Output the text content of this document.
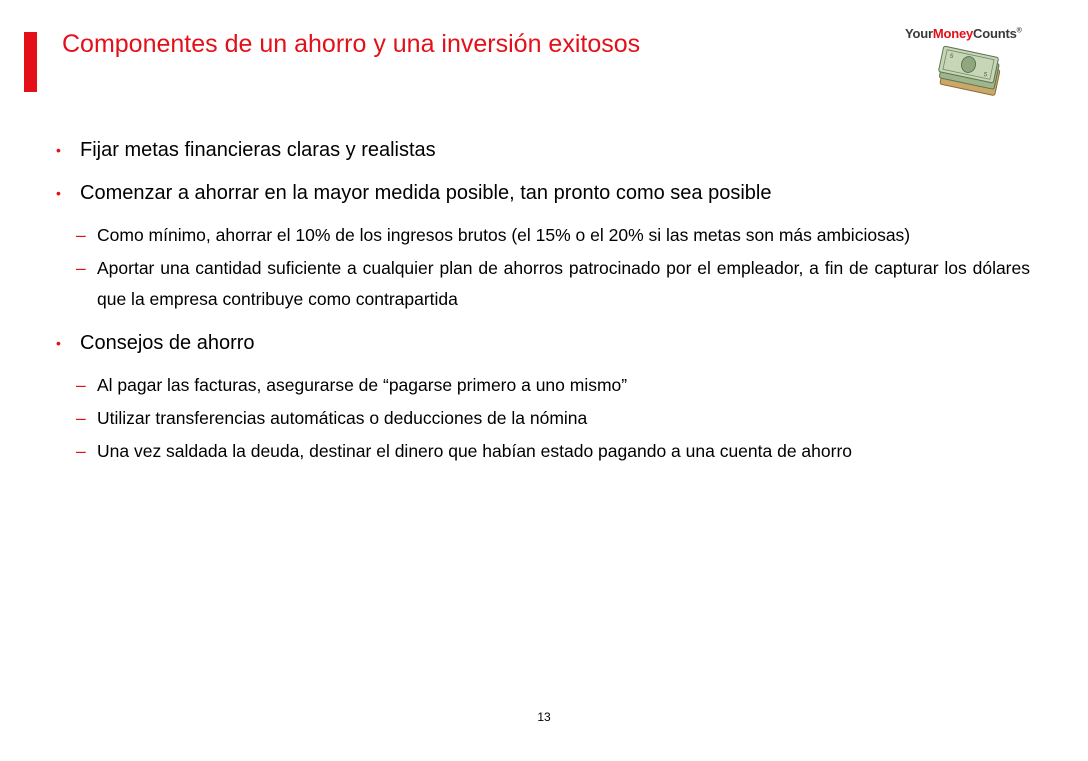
Componentes de un ahorro y una inversión exitosos	YourMoneyCounts®
5
5
• Fijar metas financieras claras y realistas
• Comenzar a ahorrar en la mayor medida posible, tan pronto como sea posible
– Como mínimo, ahorrar el 10% de los ingresos brutos (el 15% o el 20% si las metas son más ambiciosas)
– Aportar una cantidad suficiente a cualquier plan de ahorros patrocinado por el empleador, a fin de capturar los dólares que la empresa contribuye como contrapartida
• Consejos de ahorro
– Al pagar las facturas, asegurarse de “pagarse primero a uno mismo”
– Utilizar transferencias automáticas o deducciones de la nómina
– Una vez saldada la deuda, destinar el dinero que habían estado pagando a una cuenta de ahorro
13
